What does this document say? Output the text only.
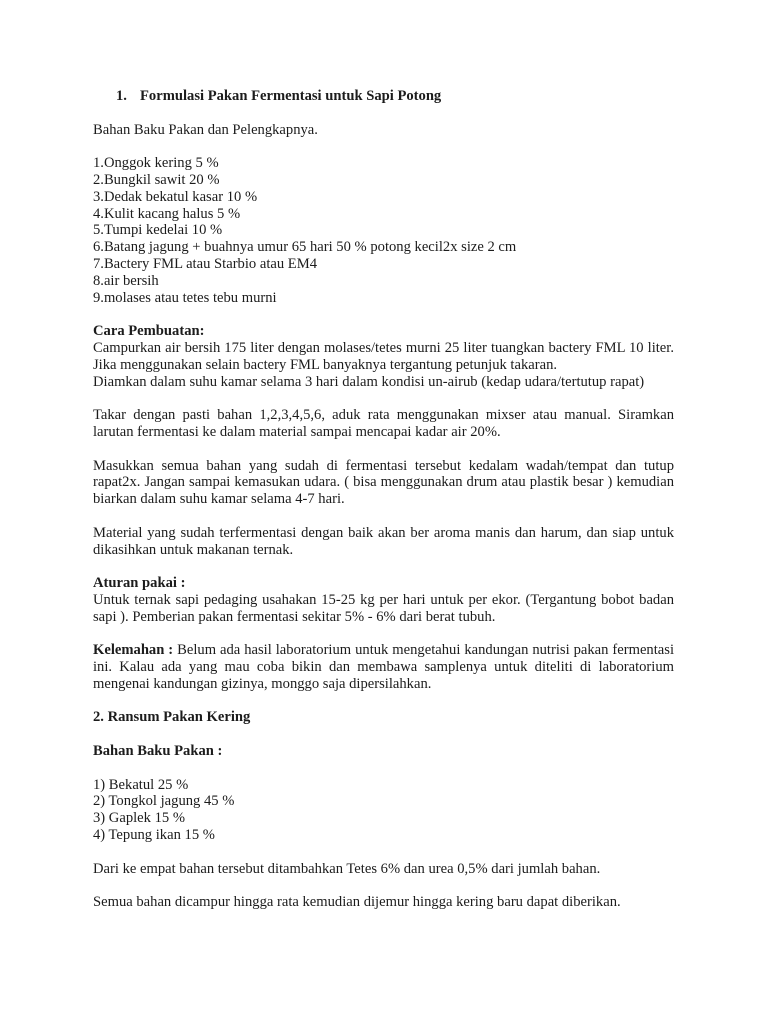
1. Formulasi Pakan Fermentasi untuk Sapi Potong
Bahan Baku Pakan dan Pelengkapnya.
1.Onggok kering 5 %
2.Bungkil sawit 20 %
3.Dedak bekatul kasar 10 %
4.Kulit kacang halus 5 %
5.Tumpi kedelai 10 %
6.Batang jagung + buahnya umur 65 hari 50 % potong kecil2x size 2 cm
7.Bactery FML atau Starbio atau EM4
8.air bersih
9.molases atau tetes tebu murni
Cara Pembuatan:
Campurkan air bersih 175 liter dengan molases/tetes murni 25 liter tuangkan bactery FML 10 liter. Jika menggunakan selain bactery FML banyaknya tergantung petunjuk takaran.
Diamkan dalam suhu kamar selama 3 hari dalam kondisi un-airub (kedap udara/tertutup rapat)
Takar dengan pasti bahan 1,2,3,4,5,6, aduk rata menggunakan mixser atau manual. Siramkan larutan fermentasi ke dalam material sampai mencapai kadar air 20%.
Masukkan semua bahan yang sudah di fermentasi tersebut kedalam wadah/tempat dan tutup rapat2x. Jangan sampai kemasukan udara. ( bisa menggunakan drum atau plastik besar ) kemudian biarkan dalam suhu kamar selama 4-7 hari.
Material yang sudah terfermentasi dengan baik akan ber aroma manis dan harum, dan siap untuk dikasihkan untuk makanan ternak.
Aturan pakai :
Untuk ternak sapi pedaging usahakan 15-25 kg per hari untuk per ekor. (Tergantung bobot badan sapi ). Pemberian pakan fermentasi sekitar 5% - 6% dari berat tubuh.
Kelemahan : Belum ada hasil laboratorium untuk mengetahui kandungan nutrisi pakan fermentasi ini. Kalau ada yang mau coba bikin dan membawa samplenya untuk diteliti di laboratorium mengenai kandungan gizinya, monggo saja dipersilahkan.
2. Ransum Pakan Kering
Bahan Baku Pakan :
1) Bekatul 25 %
2) Tongkol jagung 45 %
3) Gaplek 15 %
4) Tepung ikan 15 %
Dari ke empat bahan tersebut ditambahkan Tetes 6% dan urea 0,5% dari jumlah bahan.
Semua bahan dicampur hingga rata kemudian dijemur hingga kering baru dapat diberikan.
